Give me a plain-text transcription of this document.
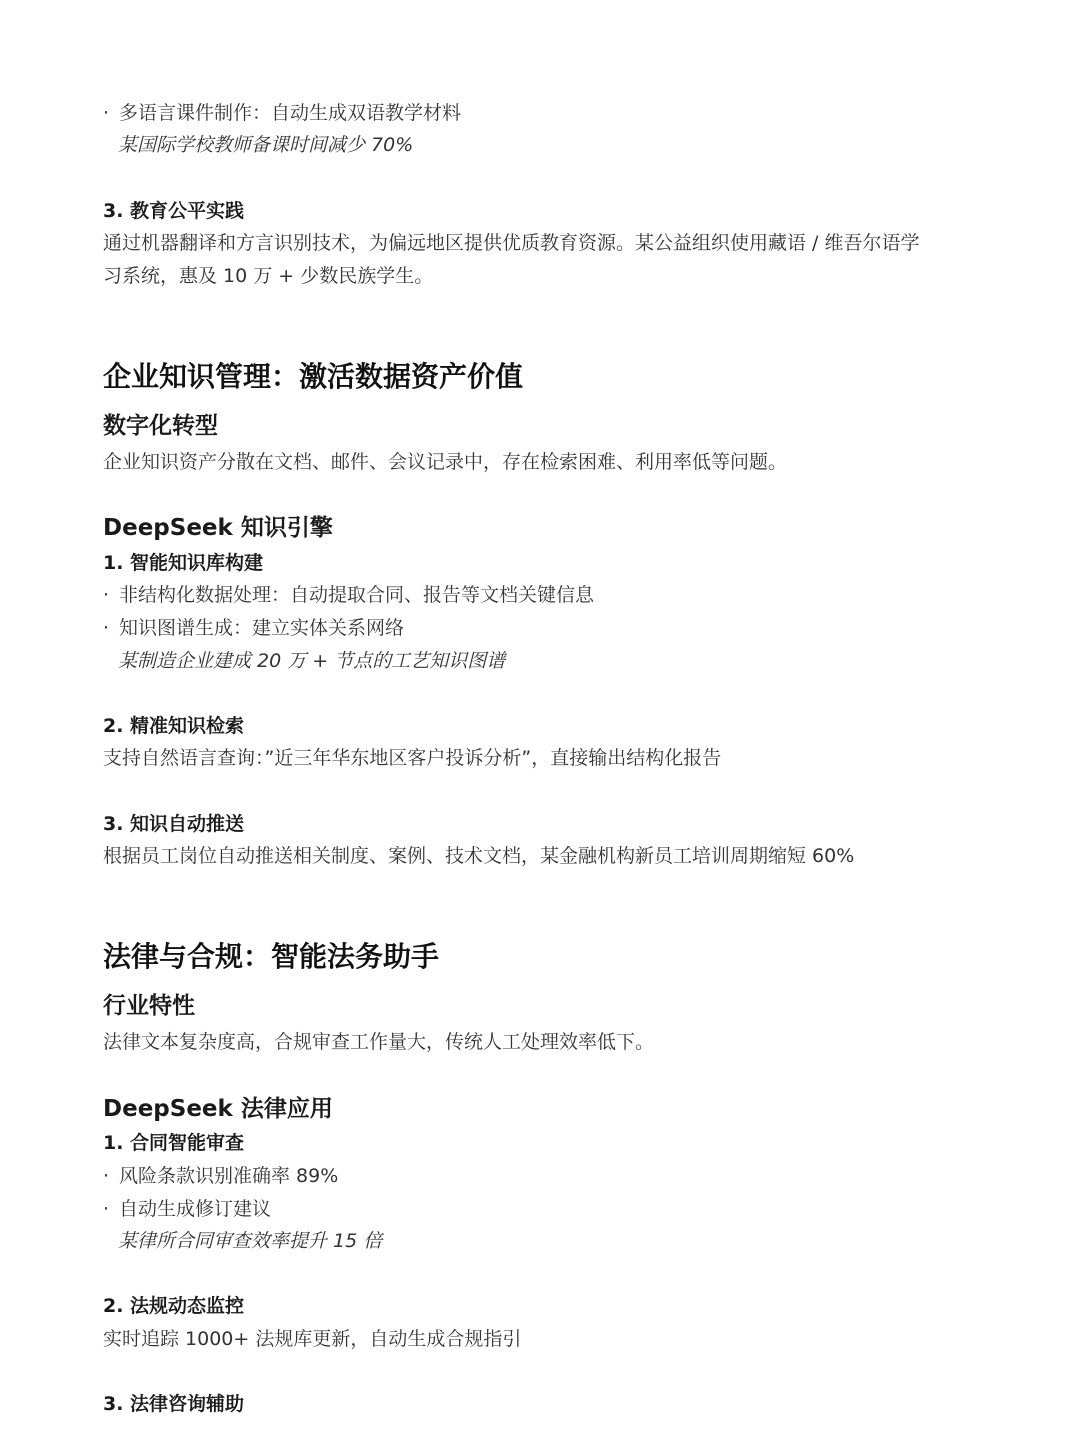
· 多语言课件制作：自动生成双语教学材料

某国际学校教师备课时间减少 70%

3. 教育公平实践

通过机器翻译和方言识别技术，为偏远地区提供优质教育资源。某公益组织使用藏语 / 维吾尔语学

习系统，惠及 10 万 + 少数民族学生。

企业知识管理：激活数据资产价值
数字化转型

企业知识资产分散在文档、邮件、会议记录中，存在检索困难、利用率低等问题。

DeepSeek 知识引擎

1. 智能知识库构建

· 非结构化数据处理：自动提取合同、报告等文档关键信息

· 知识图谱生成：建立实体关系网络

某制造企业建成 20 万 + 节点的工艺知识图谱

2. 精准知识检索

支持自然语言查询：”近三年华东地区客户投诉分析”，直接输出结构化报告

3. 知识自动推送

根据员工岗位自动推送相关制度、案例、技术文档，某金融机构新员工培训周期缩短 60%

法律与合规：智能法务助手
行业特性

法律文本复杂度高，合规审查工作量大，传统人工处理效率低下。

DeepSeek 法律应用

1. 合同智能审查

· 风险条款识别准确率 89%

· 自动生成修订建议

某律所合同审查效率提升 15 倍

2. 法规动态监控

实时追踪 1000+ 法规库更新，自动生成合规指引

3. 法律咨询辅助
